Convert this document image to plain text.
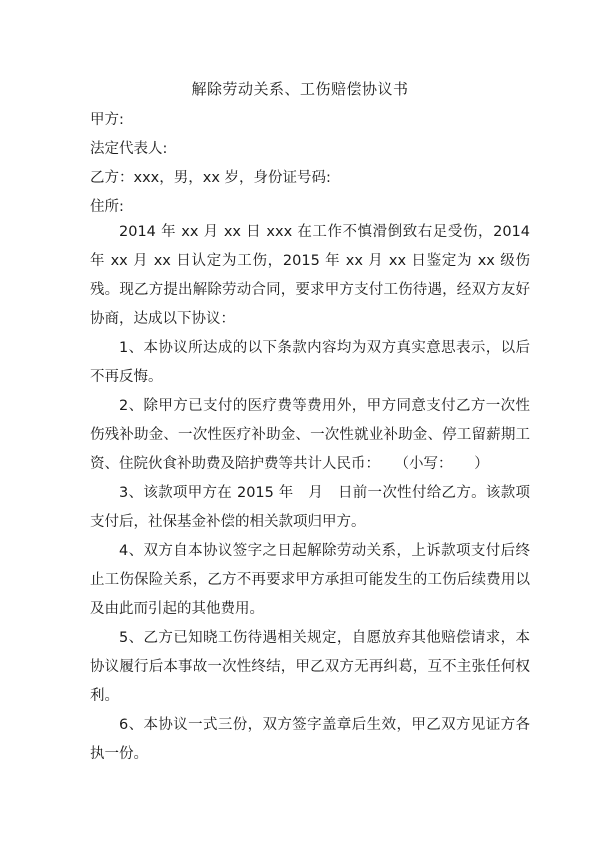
解除劳动关系、工伤赔偿协议书
甲方:
法定代表人:
乙方：xxx，男，xx 岁，身份证号码:
住所:

2014 年 xx 月 xx 日 xxx 在工作不慎滑倒致右足受伤，2014 年 xx 月 xx 日认定为工伤，2015 年 xx 月 xx 日鉴定为 xx 级伤残。现乙方提出解除劳动合同，要求甲方支付工伤待遇，经双方友好协商，达成以下协议：

1、本协议所达成的以下条款内容均为双方真实意思表示，以后不再反悔。

2、除甲方已支付的医疗费等费用外，甲方同意支付乙方一次性伤残补助金、一次性医疗补助金、一次性就业补助金、停工留薪期工资、住院伙食补助费及陪护费等共计人民币：　　（小写：　　）

3、该款项甲方在 2015 年　月　日前一次性付给乙方。该款项支付后，社保基金补偿的相关款项归甲方。

4、双方自本协议签字之日起解除劳动关系，上诉款项支付后终止工伤保险关系，乙方不再要求甲方承担可能发生的工伤后续费用以及由此而引起的其他费用。

5、乙方已知晓工伤待遇相关规定，自愿放弃其他赔偿请求，本协议履行后本事故一次性终结，甲乙双方无再纠葛，互不主张任何权利。

6、本协议一式三份，双方签字盖章后生效，甲乙双方见证方各执一份。
